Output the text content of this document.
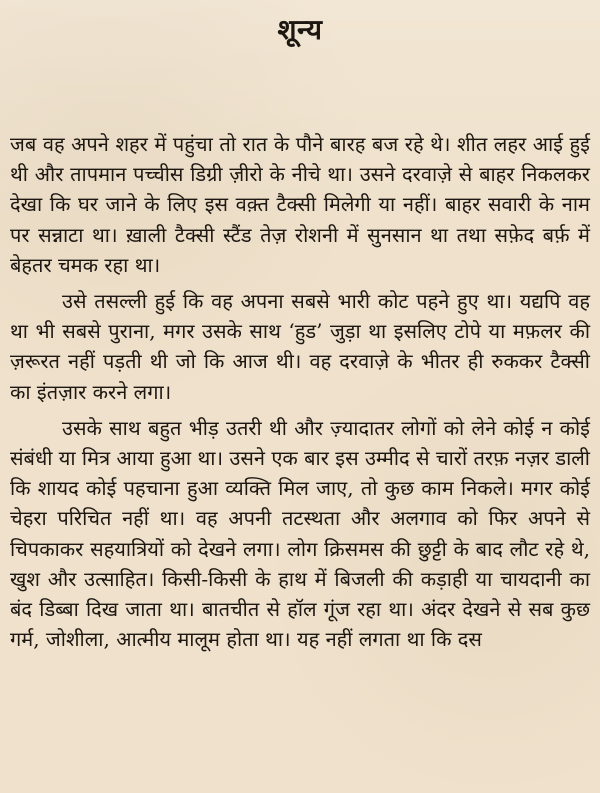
शून्य

जब वह अपने शहर में पहुंचा तो रात के पौने बारह बज रहे थे। शीत लहर आई हुई थी और तापमान पच्चीस डिग्री ज़ीरो के नीचे था। उसने दरवाज़े से बाहर निकलकर देखा कि घर जाने के लिए इस वक़्त टैक्सी मिलेगी या नहीं। बाहर सवारी के नाम पर सन्नाटा था। ख़ाली टैक्सी स्टैंड तेज़ रोशनी में सुनसान था तथा सफ़ेद बर्फ़ में बेहतर चमक रहा था।

उसे तसल्ली हुई कि वह अपना सबसे भारी कोट पहने हुए था। यद्यपि वह था भी सबसे पुराना, मगर उसके साथ ‘हुड’ जुड़ा था इसलिए टोपे या मफ़लर की ज़रूरत नहीं पड़ती थी जो कि आज थी। वह दरवाज़े के भीतर ही रुककर टैक्सी का इंतज़ार करने लगा।

उसके साथ बहुत भीड़ उतरी थी और ज़्यादातर लोगों को लेने कोई न कोई संबंधी या मित्र आया हुआ था। उसने एक बार इस उम्मीद से चारों तरफ़ नज़र डाली कि शायद कोई पहचाना हुआ व्यक्ति मिल जाए, तो कुछ काम निकले। मगर कोई चेहरा परिचित नहीं था। वह अपनी तटस्थता और अलगाव को फिर अपने से चिपकाकर सहयात्रियों को देखने लगा। लोग क्रिसमस की छुट्टी के बाद लौट रहे थे, खुश और उत्साहित। किसी-किसी के हाथ में बिजली की कड़ाही या चायदानी का बंद डिब्बा दिख जाता था। बातचीत से हॉल गूंज रहा था। अंदर देखने से सब कुछ गर्म, जोशीला, आत्मीय मालूम होता था। यह नहीं लगता था कि दस
